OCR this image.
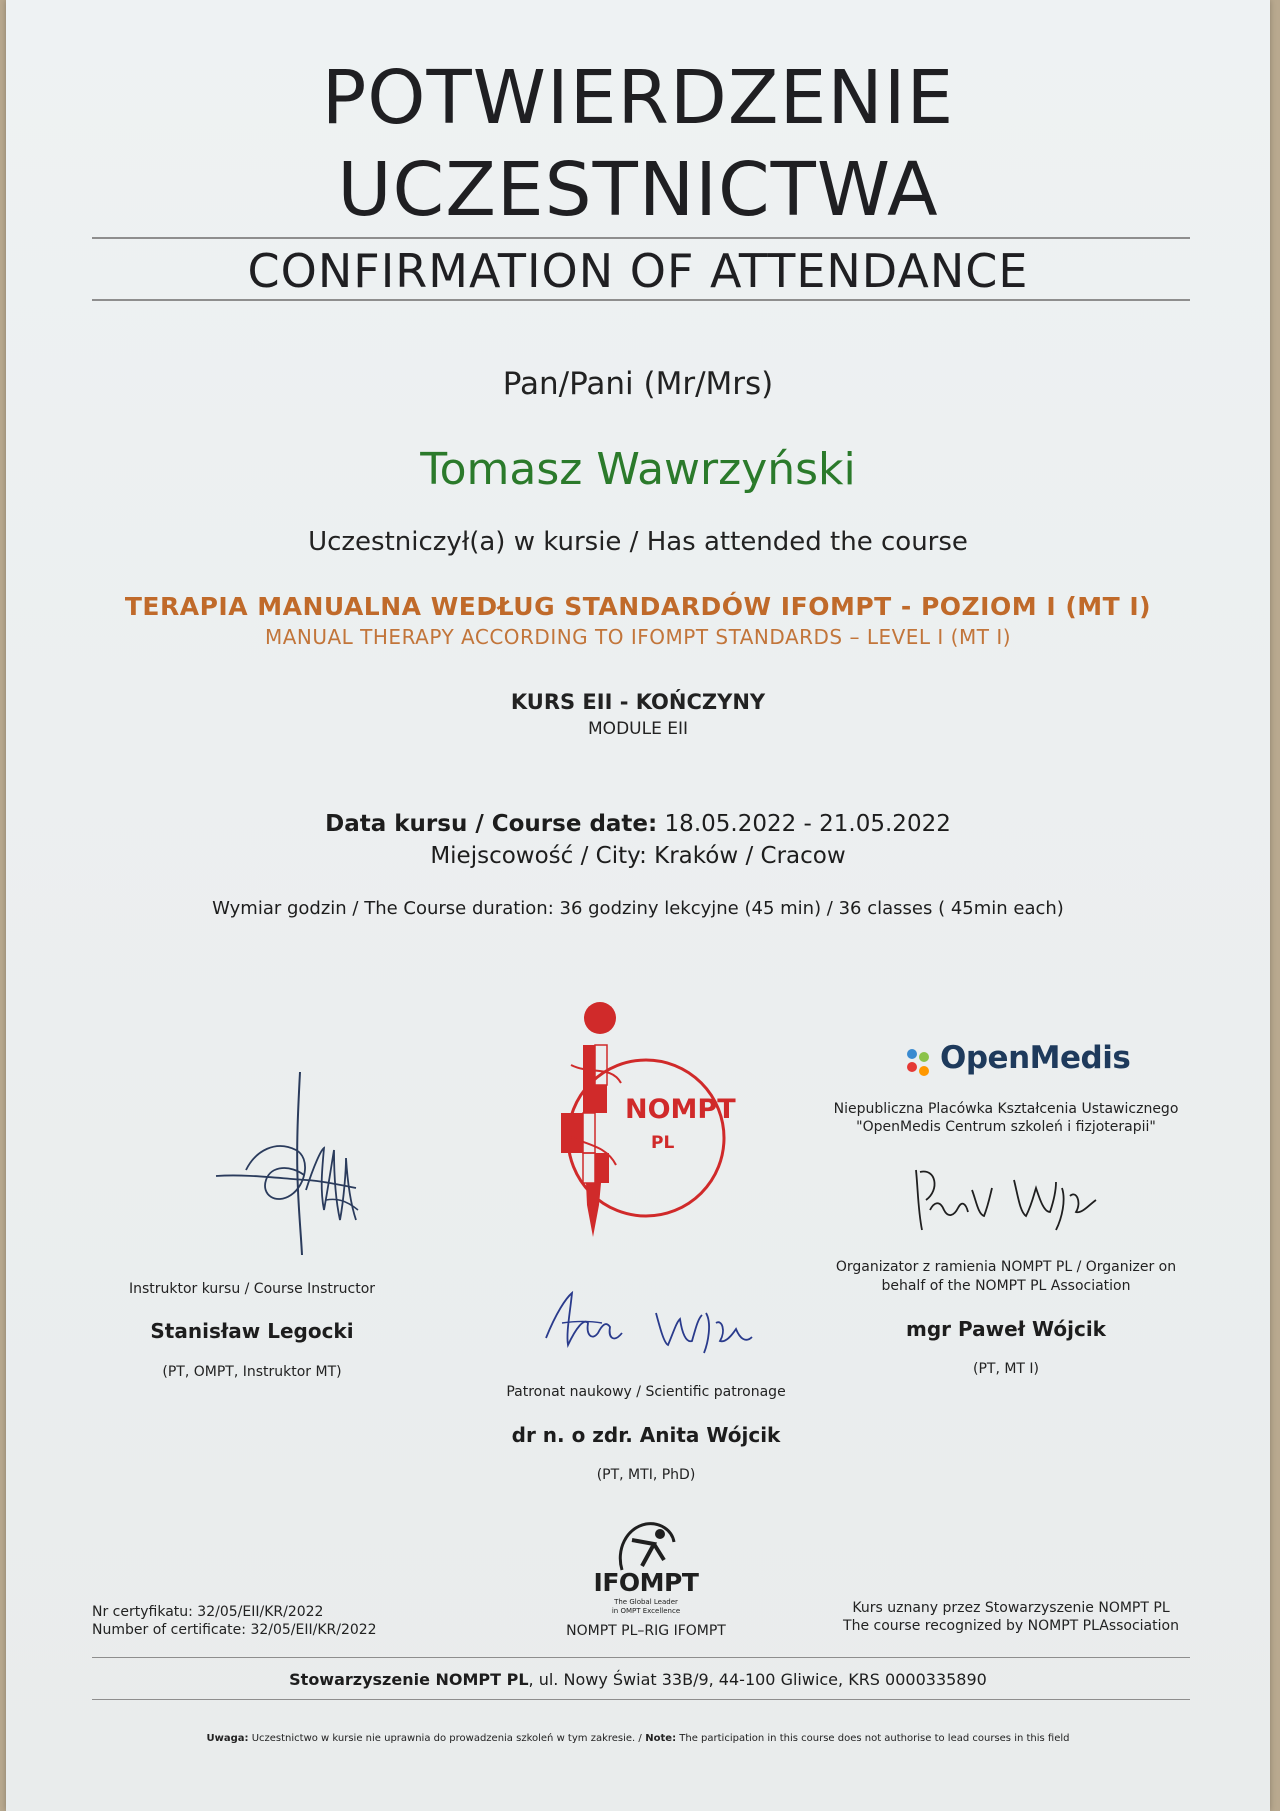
POTWIERDZENIE
UCZESTNICTWA
CONFIRMATION OF ATTENDANCE
Pan/Pani (Mr/Mrs)
Tomasz Wawrzyński
Uczestniczył(a) w kursie / Has attended the course
TERAPIA MANUALNA WEDŁUG STANDARDÓW IFOMPT - POZIOM I (MT I)
MANUAL THERAPY ACCORDING TO IFOMPT STANDARDS – LEVEL I (MT I)
KURS EII - KOŃCZYNY
MODULE EII
Data kursu / Course date: 18.05.2022 - 21.05.2022
Miejscowość / City: Kraków / Cracow
Wymiar godzin / The Course duration: 36 godziny lekcyjne (45 min) / 36 classes ( 45min each)
Instruktor kursu / Course Instructor
Stanisław Legocki
(PT, OMPT, Instruktor MT)
NOMPT
PL
Patronat naukowy / Scientific patronage
dr n. o zdr. Anita Wójcik
(PT, MTI, PhD)
OpenMedis
Niepubliczna Placówka Kształcenia Ustawicznego
"OpenMedis Centrum szkoleń i fizjoterapii"
Organizator z ramienia NOMPT PL / Organizer on
behalf of the NOMPT PL Association
mgr Paweł Wójcik
(PT, MT I)
IFOMPT
The Global Leader
in OMPT Excellence
NOMPT PL–RIG IFOMPT
Nr certyfikatu: 32/05/EII/KR/2022
Number of certificate: 32/05/EII/KR/2022
Kurs uznany przez Stowarzyszenie NOMPT PL
The course recognized by NOMPT PLAssociation
Stowarzyszenie NOMPT PL, ul. Nowy Świat 33B/9, 44-100 Gliwice, KRS 0000335890
Uwaga: Uczestnictwo w kursie nie uprawnia do prowadzenia szkoleń w tym zakresie. / Note: The participation in this course does not authorise to lead courses in this field
